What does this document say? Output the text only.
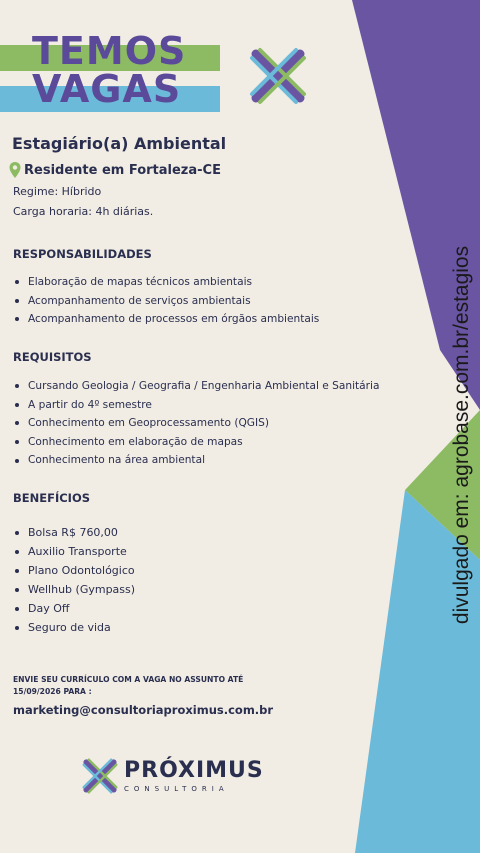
TEMOS
VAGAS
Estagiário(a) Ambiental
Residente em Fortaleza-CE
Regime: Híbrido
Carga horaria: 4h diárias.
RESPONSABILIDADES
Elaboração de mapas técnicos ambientais
Acompanhamento de serviços ambientais
Acompanhamento de processos em órgãos ambientais
REQUISITOS
Cursando Geologia / Geografia / Engenharia Ambiental e Sanitária
A partir do 4º semestre
Conhecimento em Geoprocessamento (QGIS)
Conhecimento em elaboração de mapas
Conhecimento na área ambiental
BENEFÍCIOS
Bolsa R$ 760,00
Auxilio Transporte
Plano Odontológico
Wellhub (Gympass)
Day Off
Seguro de vida
ENVIE SEU CURRÍCULO COM A VAGA NO ASSUNTO ATÉ
15/09/2026 PARA :
marketing@consultoriaproximus.com.br
PRÓXIMUS
CONSULTORIA
divulgado em: agrobase.com.br/estagios
